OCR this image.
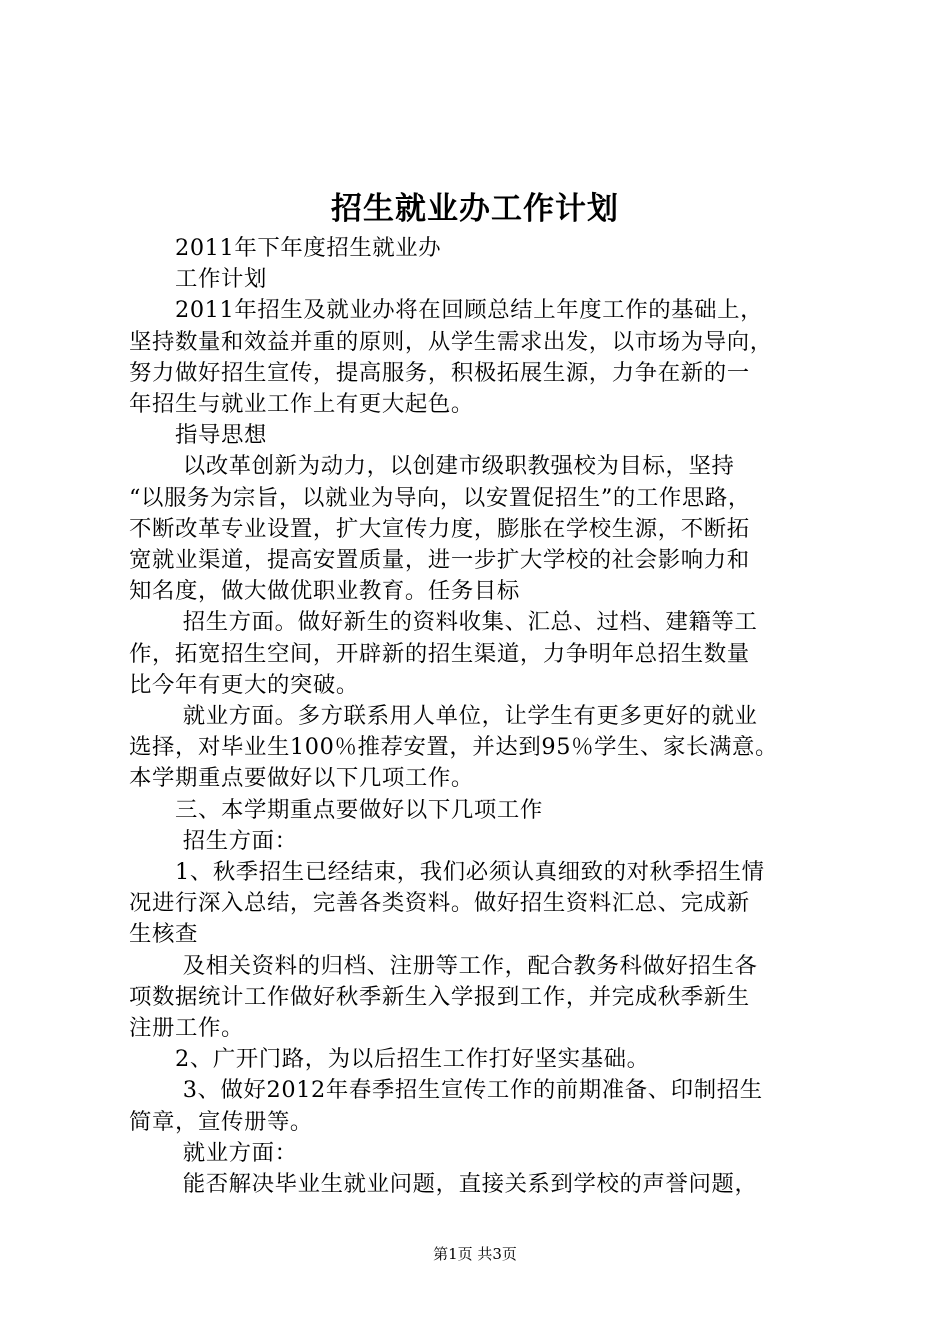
招生就业办工作计划

　　2011年下年度招生就业办

　　工作计划

　　2011年招生及就业办将在回顾总结上年度工作的基础上，

坚持数量和效益并重的原则，从学生需求出发，以市场为导向，

努力做好招生宣传，提高服务，积极拓展生源，力争在新的一

年招生与就业工作上有更大起色。

　　指导思想

　　 以改革创新为动力，以创建市级职教强校为目标，坚持

“以服务为宗旨，以就业为导向，以安置促招生”的工作思路，

不断改革专业设置，扩大宣传力度，膨胀在学校生源，不断拓

宽就业渠道，提高安置质量，进一步扩大学校的社会影响力和

知名度，做大做优职业教育。任务目标

　　 招生方面。做好新生的资料收集、汇总、过档、建籍等工

作，拓宽招生空间，开辟新的招生渠道，力争明年总招生数量

比今年有更大的突破。

　　 就业方面。多方联系用人单位，让学生有更多更好的就业

选择，对毕业生100％推荐安置，并达到95％学生、家长满意。

本学期重点要做好以下几项工作。

　　三、本学期重点要做好以下几项工作

　　 招生方面：

　　1、秋季招生已经结束，我们必须认真细致的对秋季招生情

况进行深入总结，完善各类资料。做好招生资料汇总、完成新

生核查

　　 及相关资料的归档、注册等工作，配合教务科做好招生各

项数据统计工作做好秋季新生入学报到工作，并完成秋季新生

注册工作。

　　2、广开门路，为以后招生工作打好坚实基础。

　　 3、做好2012年春季招生宣传工作的前期准备、印制招生

简章，宣传册等。

　　 就业方面：

　　 能否解决毕业生就业问题，直接关系到学校的声誉问题，

第1页 共3页
